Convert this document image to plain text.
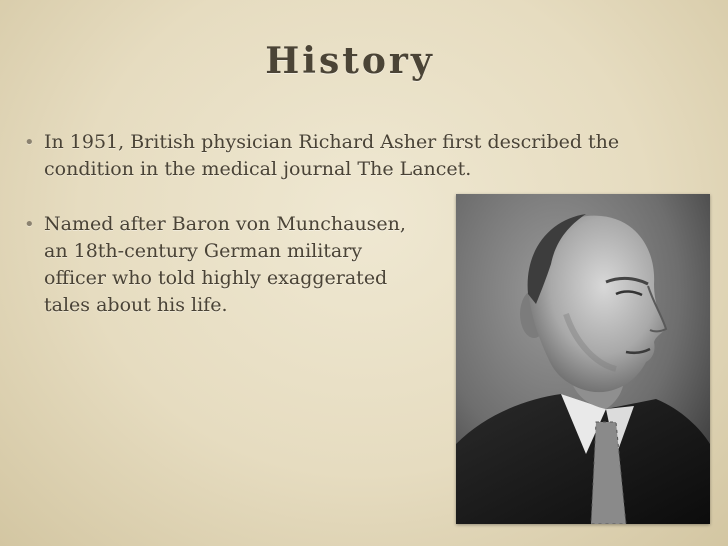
History
• In 1951, British physician Richard Asher first described the condition in the medical journal The Lancet.
• Named after Baron von Munchausen, an 18th-century German military officer who told highly exaggerated tales about his life.
